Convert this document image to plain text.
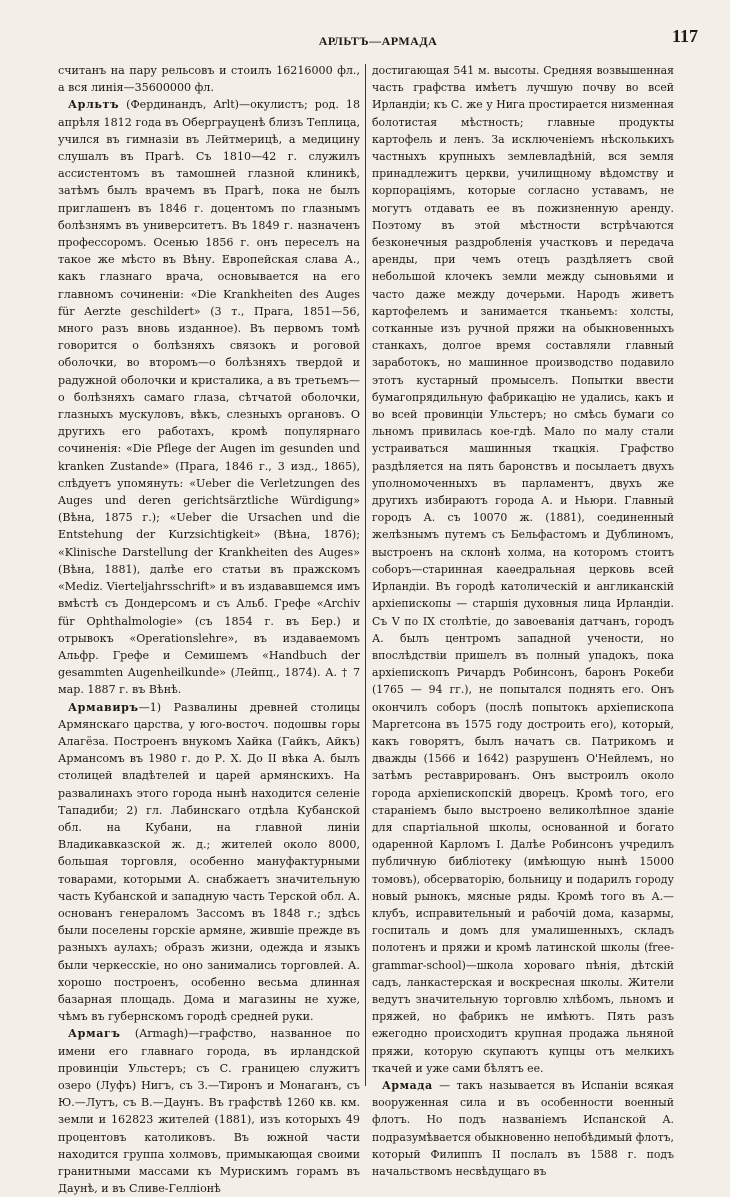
АРЛЬТЪ—АРМАДА	117

считанъ на пару рельсовъ и стоилъ 16216000 фл., а вся линія—35600000 фл.

Арльтъ (Фердинандъ, Arlt)—окулистъ; род. 18 апрѣля 1812 года въ Оберграуценѣ близъ Теплица, учился въ гимназіи въ Лейтмерицѣ, а медицину слушалъ въ Прагѣ. Съ 1810—42 г. служилъ ассистентомъ въ тамошней глазной клиникѣ, затѣмъ былъ врачемъ въ Прагѣ, пока не былъ приглашенъ въ 1846 г. доцентомъ по глазнымъ болѣзнямъ въ университетъ. Въ 1849 г. назначенъ профессоромъ. Осенью 1856 г. онъ переселъ на такое же мѣсто въ Вѣну. Европейская слава А., какъ глазнаго врача, основывается на его главномъ сочиненіи: «Die Krankheiten des Auges für Aerzte geschildert» (3 т., Прага, 1851—56, много разъ вновь изданное). Въ первомъ томѣ говорится о болѣзняхъ связокъ и роговой оболочки, во второмъ—о болѣзняхъ твердой и радужной оболочки и кристалика, а въ третьемъ—о болѣзняхъ самаго глаза, сѣтчатой оболочки, глазныхъ мускуловъ, вѣкъ, слезныхъ органовъ. О другихъ его работахъ, кромѣ популярнаго сочиненія: «Die Pflege der Augen im gesunden und kranken Zustande» (Прага, 1846 г., 3 изд., 1865), слѣдуетъ упомянуть: «Ueber die Verletzungen des Auges und deren gerichtsärztliche Würdigung» (Вѣна, 1875 г.); «Ueber die Ursachen und die Entstehung der Kurzsichtigkeit» (Вѣна, 1876); «Klinische Darstellung der Krankheiten des Auges» (Вѣна, 1881), далѣе его статьи въ пражскомъ «Mediz. Vierteljahrsschrift» и въ издававшемся имъ вмѣстѣ съ Дондерсомъ и съ Альб. Грефе «Archiv für Ophthalmologie» (съ 1854 г. въ Бер.) и отрывокъ «Operationslehre», въ издаваемомъ Альфр. Грефе и Семишемъ «Handbuch der gesammten Augenheilkunde» (Лейпц., 1874). А. † 7 мар. 1887 г. въ Вѣнѣ.

Армавиръ—1) Развалины древней столицы Армянскаго царства, у юго-восточ. подошвы горы Алагёза. Построенъ внукомъ Хайка (Гайкъ, Айкъ) Армансомъ въ 1980 г. до Р. Х. До II вѣка А. былъ столицей владѣтелей и царей армянскихъ. На развалинахъ этого города нынѣ находится селеніе Тападиби; 2) гл. Лабинскаго отдѣла Кубанской обл. на Кубани, на главной линіи Владикавказской ж. д.; жителей около 8000, большая торговля, особенно мануфактурными товарами, которыми А. снабжаетъ значительную часть Кубанской и западную часть Терской обл. А. основанъ генераломъ Зассомъ въ 1848 г.; здѣсь были поселены горскіе армяне, жившіе прежде въ разныхъ аулахъ; образъ жизни, одежда и языкъ были черкесскіе, но оно занимались торговлей. А. хорошо построенъ, особенно весьма длинная базарная площадь. Дома и магазины не хуже, чѣмъ въ губернскомъ городѣ средней руки.

Армагъ (Armagh)—графство, названное по имени его главнаго города, въ ирландской провинціи Ульстеръ; съ С. границею служитъ озеро (Луфъ) Нигъ, съ З.—Тиронъ и Монаганъ, съ Ю.—Лутъ, съ В.—Даунъ. Въ графствѣ 1260 кв. км. земли и 162823 жителей (1881), изъ которыхъ 49 процентовъ католиковъ. Въ южной части находится группа холмовъ, примыкающая своими гранитными массами къ Мурискимъ горамъ въ Даунѣ, и въ Сливе-Гелліонѣ

достигающая 541 м. высоты. Средняя возвышенная часть графства имѣетъ лучшую почву во всей Ирландіи; къ С. же у Нига простирается низменная болотистая мѣстность; главные продукты картофель и ленъ. За исключеніемъ нѣсколькихъ частныхъ крупныхъ землевладѣній, вся земля принадлежитъ церкви, училищному вѣдомству и корпораціямъ, которые согласно уставамъ, не могутъ отдавать ее въ пожизненную аренду. Поэтому въ этой мѣстности встрѣчаются безконечныя раздробленія участковъ и передача аренды, при чемъ отецъ раздѣляетъ свой небольшой клочекъ земли между сыновьями и часто даже между дочерьми. Народъ живетъ картофелемъ и занимается тканьемъ: холсты, сотканные изъ ручной пряжи на обыкновенныхъ станкахъ, долгое время составляли главный заработокъ, но машинное производство подавило этотъ кустарный промыселъ. Попытки ввести бумагопрядильную фабрикацію не удались, какъ и во всей провинціи Ульстеръ; но смѣсь бумаги со льномъ привилась кое-гдѣ. Мало по малу стали устраиваться машинныя ткацкія. Графство раздѣляется на пять баронствъ и посылаетъ двухъ уполномоченныхъ въ парламентъ, двухъ же другихъ избираютъ города А. и Ньюри. Главный городъ А. съ 10070 ж. (1881), соединенный желѣзнымъ путемъ съ Бельфастомъ и Дублиномъ, выстроенъ на склонѣ холма, на которомъ стоитъ соборъ—старинная каѳедральная церковь всей Ирландіи. Въ городѣ католическій и англиканскій архіепископы — старшія духовныя лица Ирландіи. Съ V по IX столѣтіе, до завоеванія датчанъ, городъ А. былъ центромъ западной учености, но впослѣдствіи пришелъ въ полный упадокъ, пока архіепископъ Ричардъ Робинсонъ, баронъ Рокеби (1765 — 94 гг.), не попытался поднять его. Онъ окончилъ соборъ (послѣ попытокъ архіепископа Маргетсона въ 1575 году достроить его), который, какъ говорятъ, былъ начатъ св. Патрикомъ и дважды (1566 и 1642) разрушенъ О'Нейлемъ, но затѣмъ реставрированъ. Онъ выстроилъ около города архіепископскій дворецъ. Кромѣ того, его стараніемъ было выстроено великолѣпное зданіе для спартіальной школы, основанной и богато одаренной Карломъ I. Далѣе Робинсонъ учредилъ публичную библіотеку (имѣющую нынѣ 15000 томовъ), обсерваторію, больницу и подарилъ городу новый рынокъ, мясные ряды. Кромѣ того въ А.—клубъ, исправительный и рабочій дома, казармы, госпиталь и домъ для умалишенныхъ, складъ полотенъ и пряжи и кромѣ латинской школы (free-grammar-school)—школа хороваго пѣнія, дѣтскій садъ, ланкастерская и воскресная школы. Жители ведутъ значительную торговлю хлѣбомъ, льномъ и пряжей, но фабрикъ не имѣютъ. Пять разъ ежегодно происходитъ крупная продажа льняной пряжи, которую скупаютъ купцы отъ мелкихъ ткачей и уже сами бѣлятъ ее.

Армада — такъ называется въ Испаніи всякая вооруженная сила и въ особенности военный флотъ. Но подъ названіемъ Испанской А. подразумѣвается обыкновенно непобѣдимый флотъ, который Филиппъ II послалъ въ 1588 г. подъ начальствомъ несвѣдущаго въ
